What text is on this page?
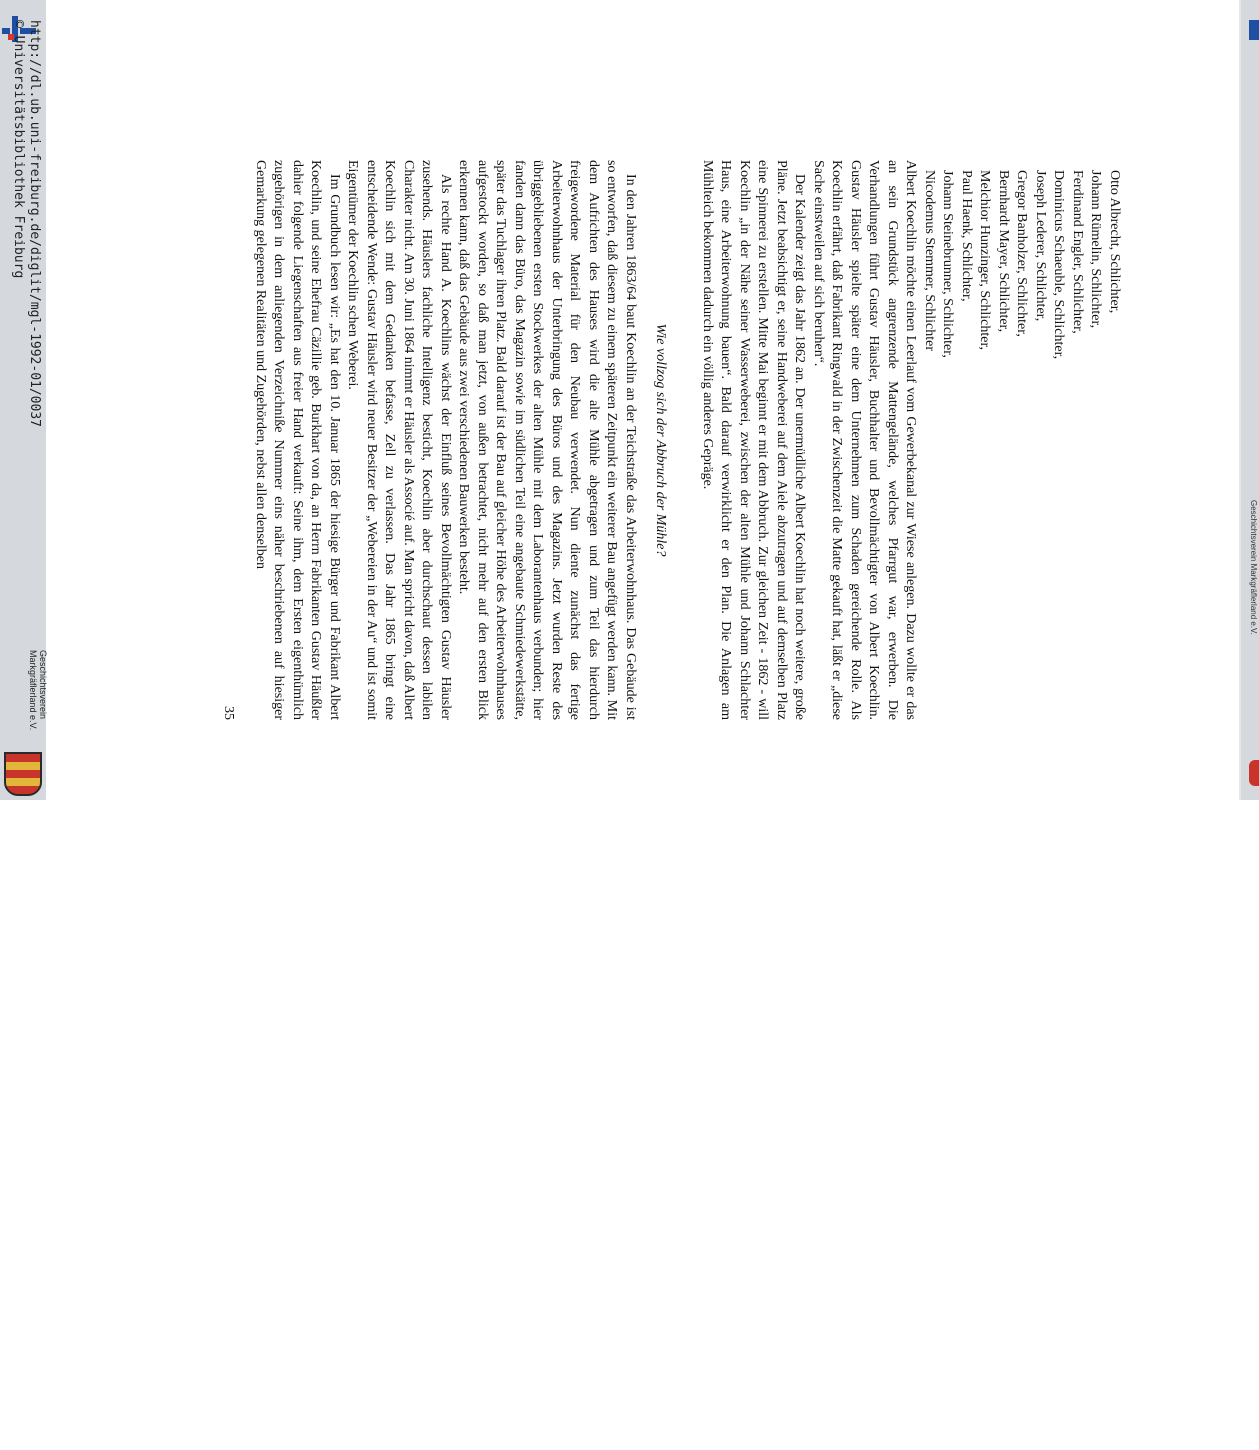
http://dl.ub.uni-freiburg.de/diglit/mgl-1992-01/0037
© Universitätsbibliothek Freiburg
Geschichtsverein
Markgräflerland e.V.
Geschichtsverein Markgräflerland e.V.
Otto Albrecht, Schlichter,
Johann Rümelin, Schlichter,
Ferdinand Engler, Schlichter,
Dominicus Schaeuble, Schlichter,
Joseph Lederer, Schlichter,
Gregor Banholzer, Schlichter,
Bernhardt Mayer, Schlichter,
Melchior Hunzinger, Schlichter,
Paul Haenk, Schlichter,
Johann Steinebrunner, Schlichter,
Nicodemus Stemmer, Schlichter

Albert Koechlin möchte einen Leerlauf vom Gewerbekanal zur Wiese anlegen. Dazu wollte er das an sein Grundstück angrenzende Mattengelände, welches Pfarrgut war, erwerben. Die Verhandlungen führt Gustav Häusler, Buchhalter und Bevollmächtigter von Albert Koechlin. Gustav Häusler spielte später eine dem Unternehmen zum Schaden gereichende Rolle. Als Koechlin erfährt, daß Fabrikant Ringwald in der Zwischenzeit die Matte gekauft hat, läßt er „diese Sache einstweilen auf sich beruhen“.

Der Kalender zeigt das Jahr 1862 an. Der unermüdliche Albert Koechlin hat noch weitere, große Pläne. Jetzt beabsichtigt er, seine Handweberei auf dem Aiele abzutragen und auf demselben Platz eine Spinnerei zu erstellen. Mitte Mai beginnt er mit dem Abbruch. Zur gleichen Zeit - 1862 - will Koechlin „in der Nähe seiner Wasserweberei, zwischen der alten Mühle und Johann Schlachter Haus, eine Arbeiterwohnung bauen“. Bald darauf verwirklicht er den Plan. Die Anlagen am Mühlteich bekommen dadurch ein völlig anderes Gepräge.

Wie vollzog sich der Abbruch der Mühle?

In den Jahren 1863/64 baut Koechlin an der Teichstraße das Arbeiterwohnhaus. Das Gebäude ist so entworfen, daß diesem zu einem späteren Zeitpunkt ein weiterer Bau angefügt werden kann. Mit dem Aufrichten des Hauses wird die alte Mühle abgetragen und zum Teil das hierdurch freigewordene Material für den Neubau verwendet. Nun diente zunächst das fertige Arbeiterwohnhaus der Unterbringung des Büros und des Magazins. Jetzt wurden Reste des übriggebliebenen ersten Stockwerkes der alten Mühle mit dem Laborantenhaus verbunden; hier fanden dann das Büro, das Magazin sowie im südlichen Teil eine angebaute Schmiedewerkstätte, später das Tuchlager ihren Platz. Bald darauf ist der Bau auf gleicher Höhe des Arbeiterwohnhauses aufgestockt worden, so daß man jetzt, von außen betrachtet, nicht mehr auf den ersten Blick erkennen kann, daß das Gebäude aus zwei verschiedenen Bauwerken besteht.

Als rechte Hand A. Koechlins wächst der Einfluß seines Bevollmächtigten Gustav Häusler zusehends. Häuslers fachliche Intelligenz besticht, Koechlin aber durchschaut dessen labilen Charakter nicht. Am 30. Juni 1864 nimmt er Häusler als Associé auf. Man spricht davon, daß Albert Koechlin sich mit dem Gedanken befasse, Zell zu verlassen. Das Jahr 1865 bringt eine entscheidende Wende: Gustav Häusler wird neuer Besitzer der „Webereien in der Au“ und ist somit Eigentümer der Koechlin schen Weberei.

Im Grundbuch lesen wir: „Es hat den 10. Januar 1865 der hiesige Bürger und Fabrikant Albert Koechlin, und seine Ehefrau Cäzillie geb. Burkhart von da, an Herrn Fabrikanten Gustav Häußler dahier folgende Liegenschaften aus freier Hand verkauft: Seine ihm, dem Ersten eigenthümlich zugehörigen in dem anliegenden Verzeichniße Nummer eins näher beschriebenen auf hiesiger Gemarkung gelegenen Realitäten und Zugehörden, nebst allen denselben

35
